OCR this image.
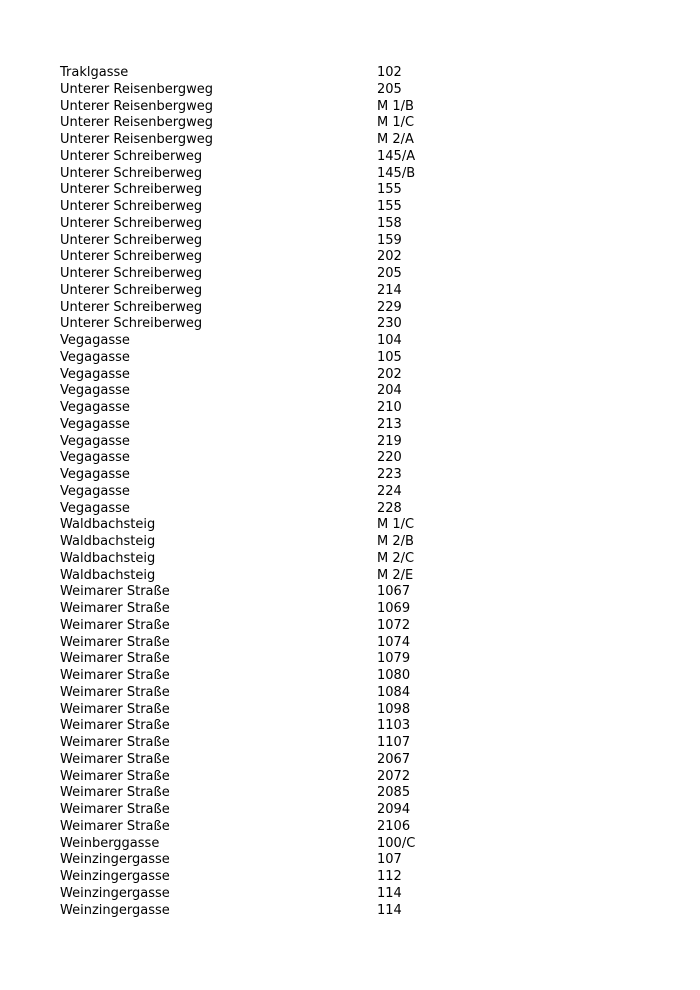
Traklgasse	102
Unterer Reisenbergweg	205
Unterer Reisenbergweg	M 1/B
Unterer Reisenbergweg	M 1/C
Unterer Reisenbergweg	M 2/A
Unterer Schreiberweg	145/A
Unterer Schreiberweg	145/B
Unterer Schreiberweg	155
Unterer Schreiberweg	155
Unterer Schreiberweg	158
Unterer Schreiberweg	159
Unterer Schreiberweg	202
Unterer Schreiberweg	205
Unterer Schreiberweg	214
Unterer Schreiberweg	229
Unterer Schreiberweg	230
Vegagasse	104
Vegagasse	105
Vegagasse	202
Vegagasse	204
Vegagasse	210
Vegagasse	213
Vegagasse	219
Vegagasse	220
Vegagasse	223
Vegagasse	224
Vegagasse	228
Waldbachsteig	M 1/C
Waldbachsteig	M 2/B
Waldbachsteig	M 2/C
Waldbachsteig	M 2/E
Weimarer Straße	1067
Weimarer Straße	1069
Weimarer Straße	1072
Weimarer Straße	1074
Weimarer Straße	1079
Weimarer Straße	1080
Weimarer Straße	1084
Weimarer Straße	1098
Weimarer Straße	1103
Weimarer Straße	1107
Weimarer Straße	2067
Weimarer Straße	2072
Weimarer Straße	2085
Weimarer Straße	2094
Weimarer Straße	2106
Weinberggasse	100/C
Weinzingergasse	107
Weinzingergasse	112
Weinzingergasse	114
Weinzingergasse	114
